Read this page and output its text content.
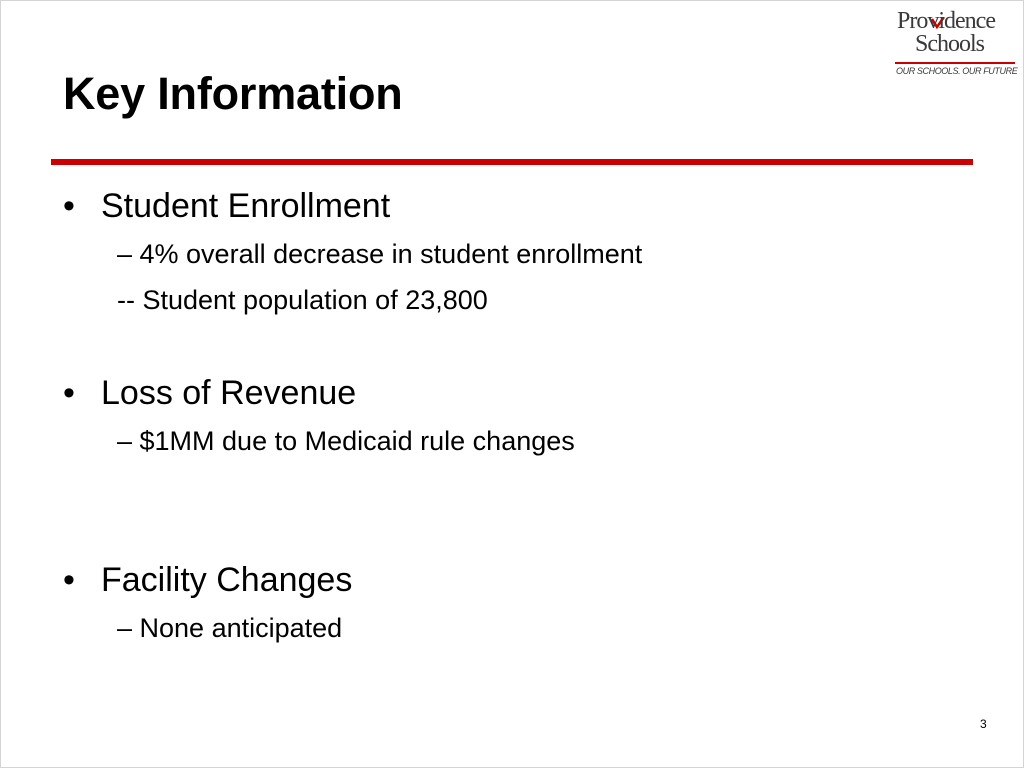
Providence
Schools
OUR SCHOOLS. OUR FUTURE
Key Information
• Student Enrollment
– 4% overall decrease in student enrollment
-- Student population of 23,800
• Loss of Revenue
– $1MM due to Medicaid rule changes
• Facility Changes
– None anticipated
3
